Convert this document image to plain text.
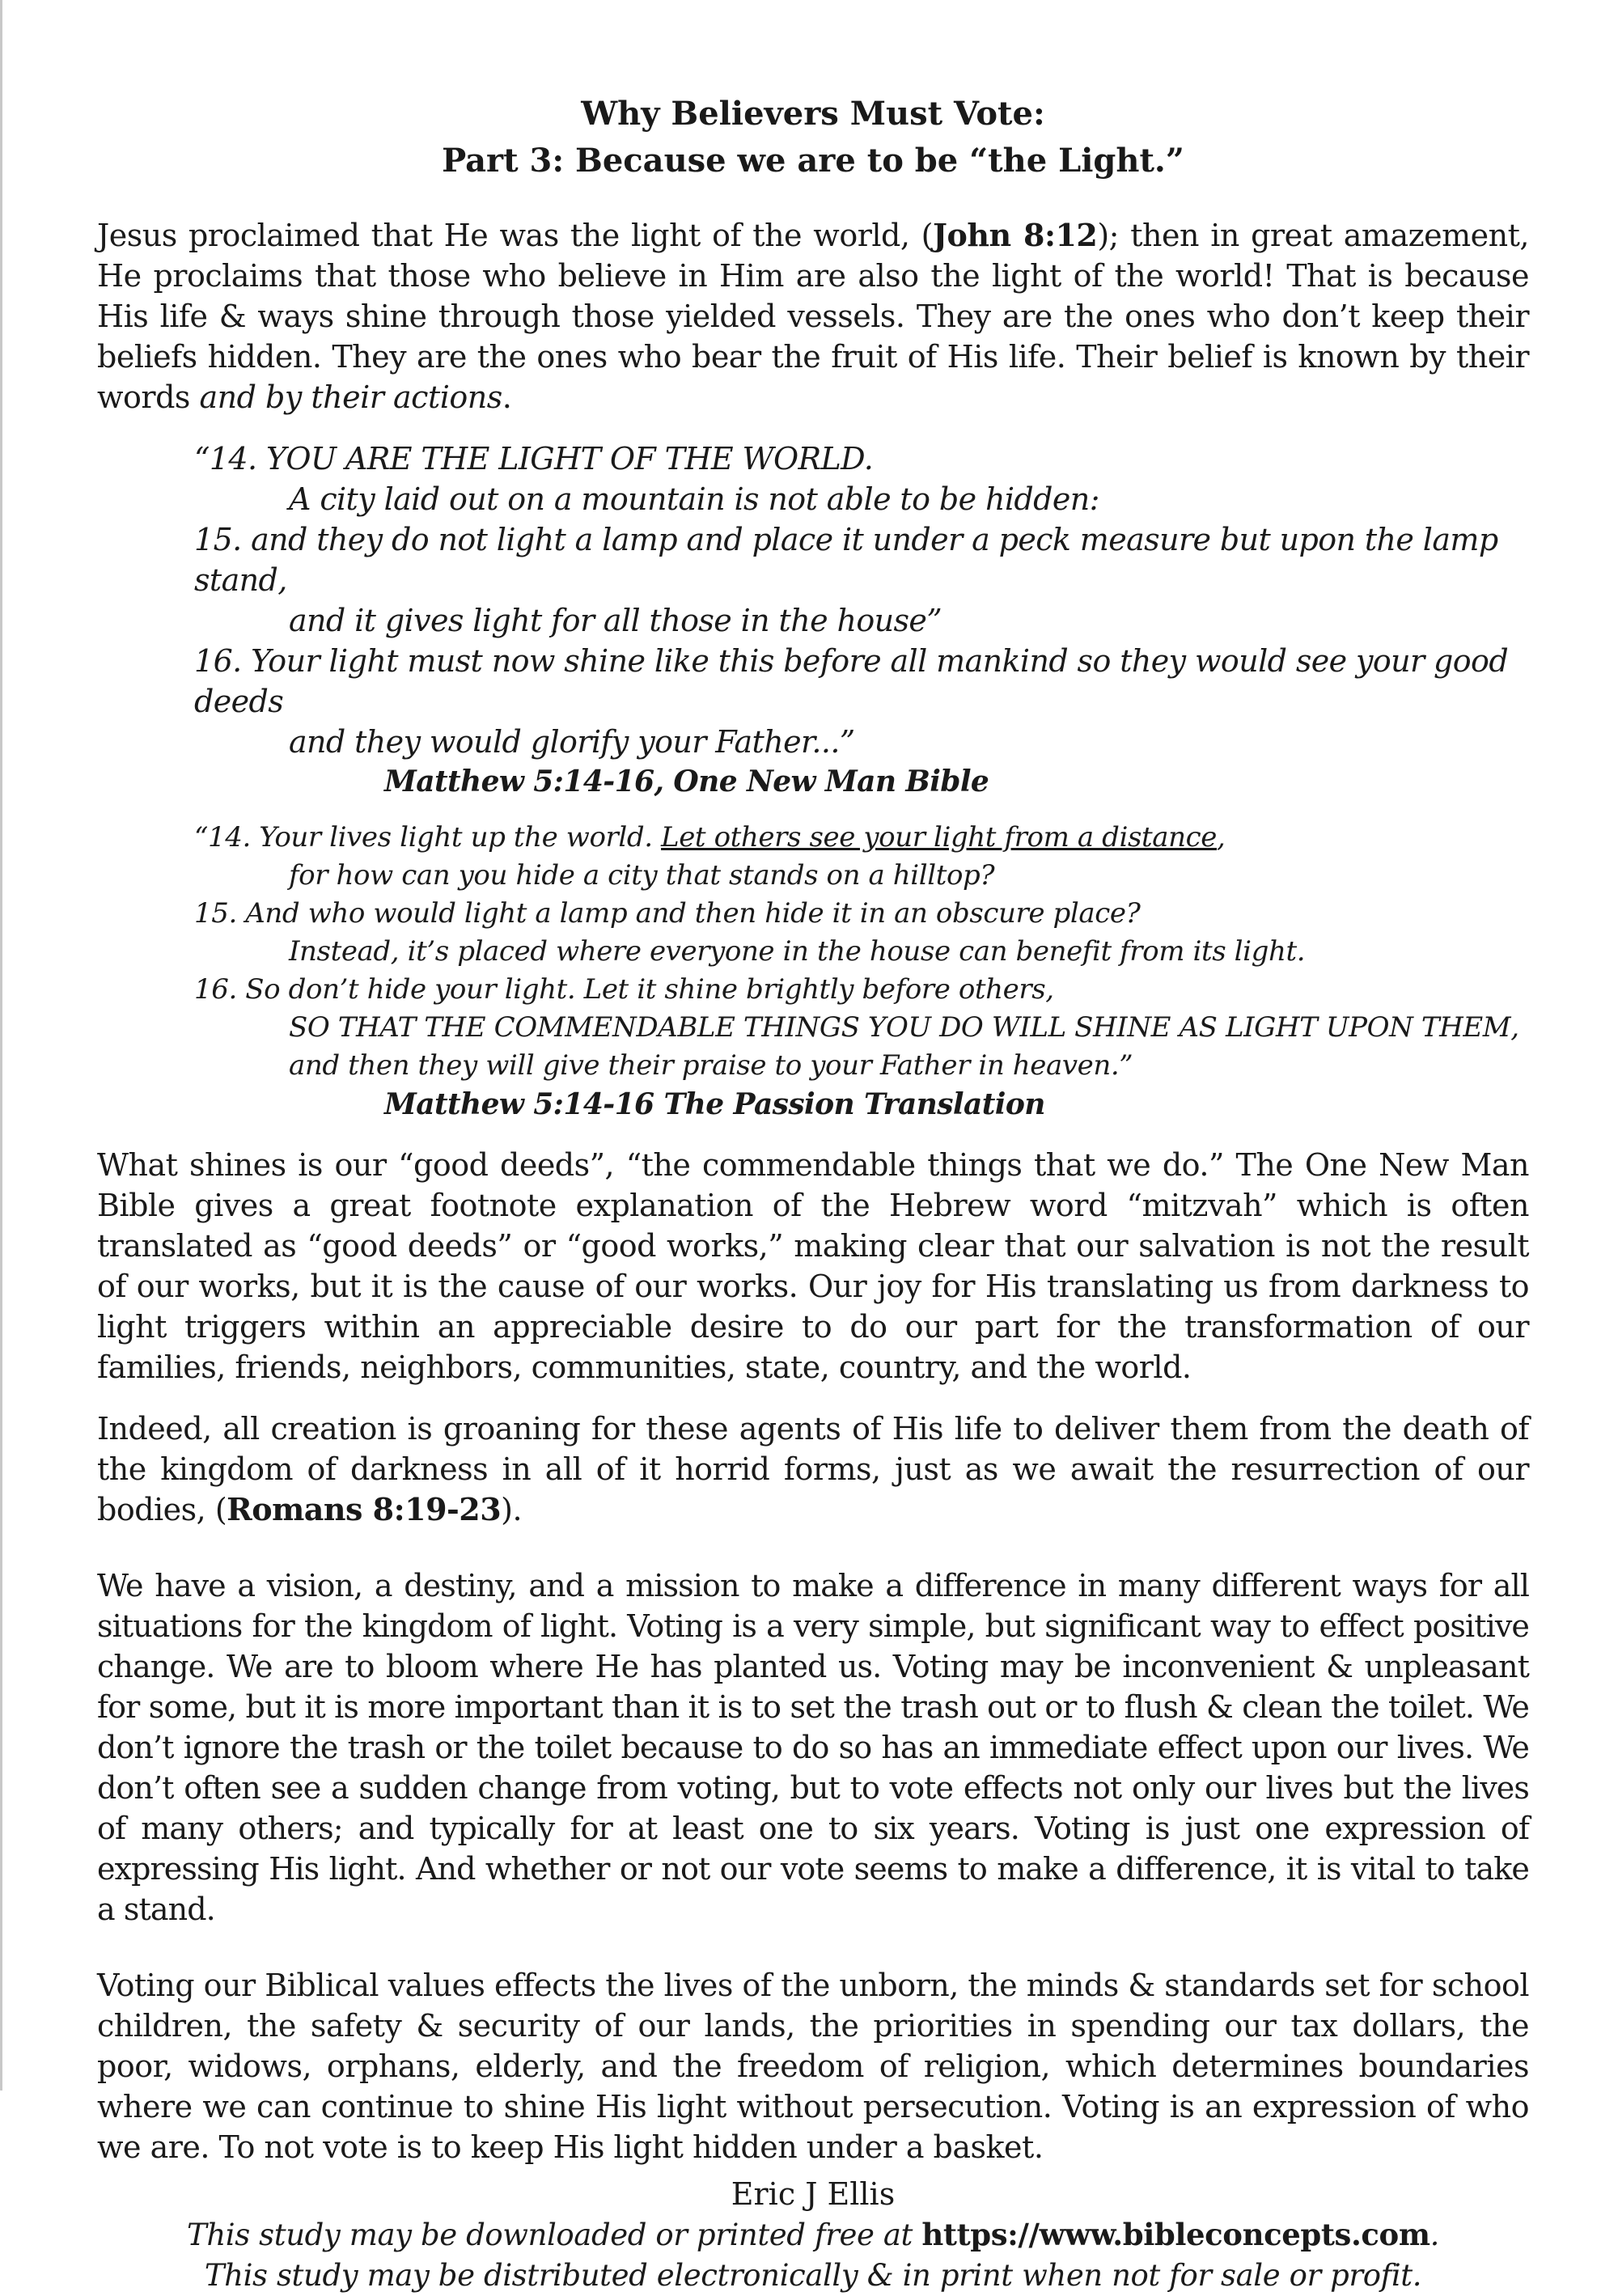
Why Believers Must Vote:
Part 3: Because we are to be “the Light.”

Jesus proclaimed that He was the light of the world, (John 8:12); then in great amazement, He proclaims that those who believe in Him are also the light of the world! That is because His life & ways shine through those yielded vessels. They are the ones who don’t keep their beliefs hidden. They are the ones who bear the fruit of His life. Their belief is known by their words and by their actions.

“14. YOU ARE THE LIGHT OF THE WORLD.

A city laid out on a mountain is not able to be hidden:

15. and they do not light a lamp and place it under a peck measure but upon the lamp stand,

and it gives light for all those in the house”

16. Your light must now shine like this before all mankind so they would see your good deeds

and they would glorify your Father...”

Matthew 5:14-16, One New Man Bible

“14. Your lives light up the world. Let others see your light from a distance,

for how can you hide a city that stands on a hilltop?

15. And who would light a lamp and then hide it in an obscure place?

Instead, it’s placed where everyone in the house can benefit from its light.

16. So don’t hide your light. Let it shine brightly before others,

SO THAT THE COMMENDABLE THINGS YOU DO WILL SHINE AS LIGHT UPON THEM,

and then they will give their praise to your Father in heaven.”

Matthew 5:14-16 The Passion Translation

What shines is our “good deeds”, “the commendable things that we do.” The One New Man Bible gives a great footnote explanation of the Hebrew word “mitzvah” which is often translated as “good deeds” or “good works,” making clear that our salvation is not the result of our works, but it is the cause of our works. Our joy for His translating us from darkness to light triggers within an appreciable desire to do our part for the transformation of our families, friends, neighbors, communities, state, country, and the world.

Indeed, all creation is groaning for these agents of His life to deliver them from the death of the kingdom of darkness in all of it horrid forms, just as we await the resurrection of our bodies, (Romans 8:19-23).

We have a vision, a destiny, and a mission to make a difference in many different ways for all situations for the kingdom of light. Voting is a very simple, but significant way to effect positive change. We are to bloom where He has planted us. Voting may be inconvenient & unpleasant for some, but it is more important than it is to set the trash out or to flush & clean the toilet. We don’t ignore the trash or the toilet because to do so has an immediate effect upon our lives. We don’t often see a sudden change from voting, but to vote effects not only our lives but the lives of many others; and typically for at least one to six years. Voting is just one expression of expressing His light. And whether or not our vote seems to make a difference, it is vital to take a stand.

Voting our Biblical values effects the lives of the unborn, the minds & standards set for school children, the safety & security of our lands, the priorities in spending our tax dollars, the poor, widows, orphans, elderly, and the freedom of religion, which determines boundaries where we can continue to shine His light without persecution. Voting is an expression of who we are. To not vote is to keep His light hidden under a basket.

Eric J Ellis

This study may be downloaded or printed free at https://www.bibleconcepts.com.

This study may be distributed electronically & in print when not for sale or profit.
